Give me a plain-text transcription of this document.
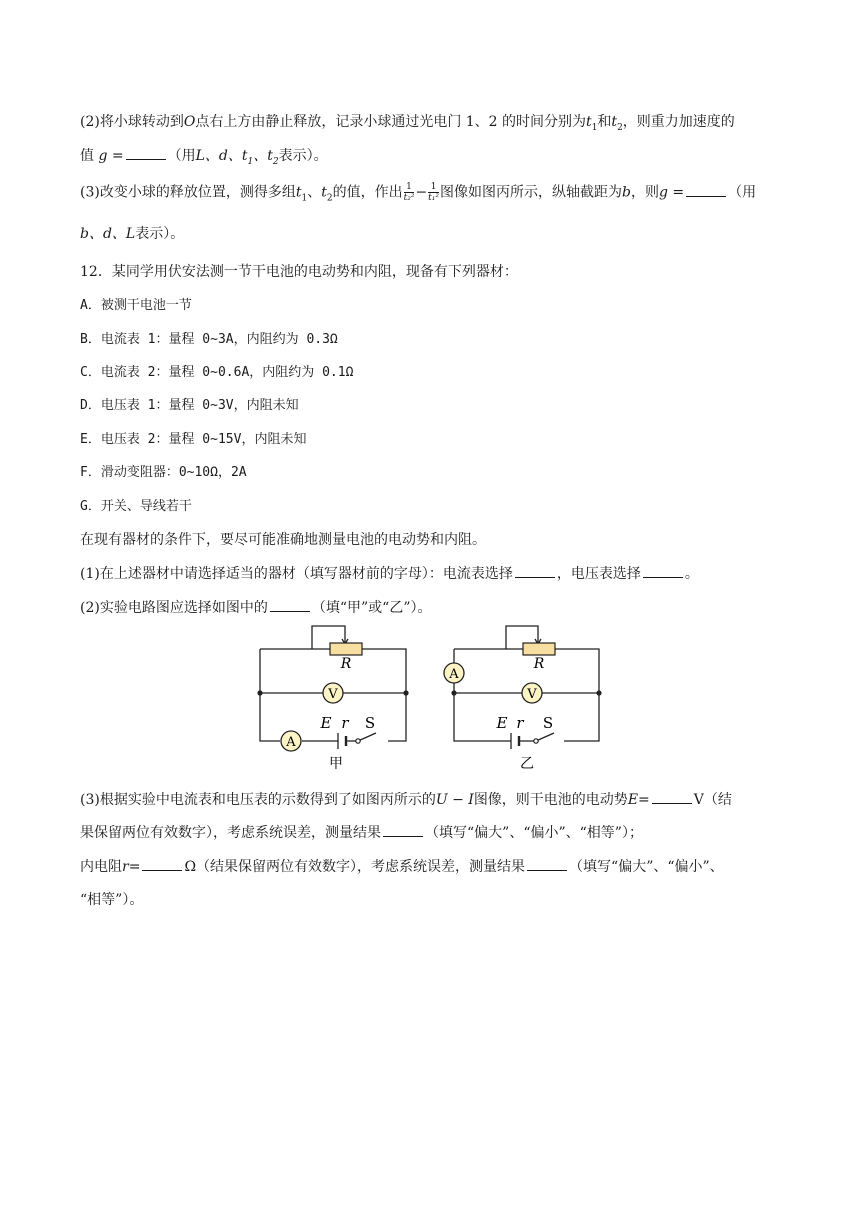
(2)将小球转动到O点右上方由静止释放，记录小球通过光电门 1、2 的时间分别为$t_1$和$t_2$，则重力加速度的
值 g =	（用L、d、$t_1$、$t_2$表示）。
(3)改变小球的释放位置，测得多组$t_1$、$t_2$的值，作出 $\frac{1}{\text{t₂²}} - \frac{1}{\text{t₁²}}$ 图像如图丙所示，纵轴截距为b，则g =	（用
b、d、L表示）。
12．某同学用伏安法测一节干电池的电动势和内阻，现备有下列器材：
A．被测干电池一节
B．电流表 1：量程 0~3A，内阻约为 0.3Ω
C．电流表 2：量程 0~0.6A，内阻约为 0.1Ω
D．电压表 1：量程 0~3V，内阻未知
E．电压表 2：量程 0~15V，内阻未知
F．滑动变阻器：0~10Ω，2A
G．开关、导线若干
在现有器材的条件下，要尽可能准确地测量电池的电动势和内阻。
(1)在上述器材中请选择适当的器材（填写器材前的字母）：电流表选择	，电压表选择	。
(2)实验电路图应选择如图中的	（填“甲”或“乙”）。
R
V
A
E r S
甲
R
V
A
E r S
乙
(3)根据实验中电流表和电压表的示数得到了如图丙所示的U − I图像，则干电池的电动势E=	V（结
果保留两位有效数字），考虑系统误差，测量结果	（填写“偏大”、“偏小”、“相等”）；
内电阻r=	Ω（结果保留两位有效数字），考虑系统误差，测量结果	（填写“偏大”、“偏小”、
“相等”）。
